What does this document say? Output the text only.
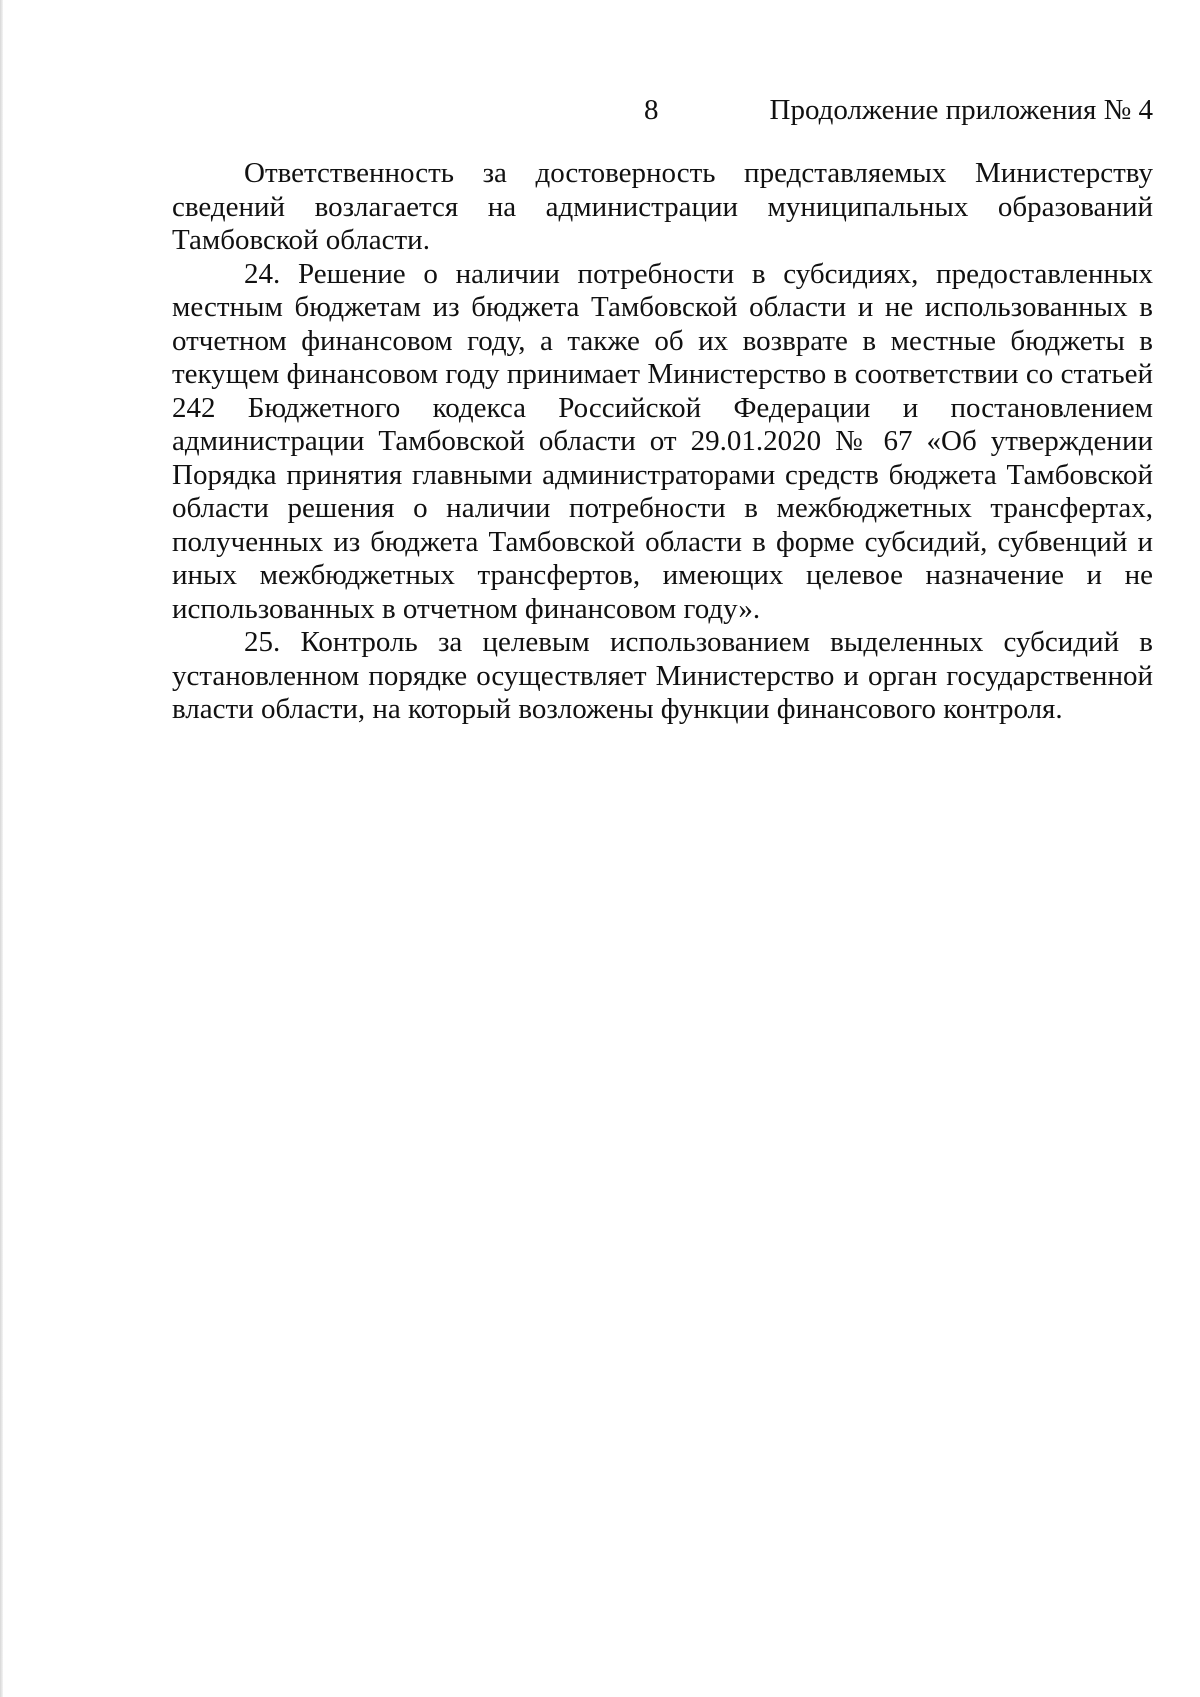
8	Продолжение приложения № 4

Ответственность за достоверность представляемых Министерству сведений возлагается на администрации муниципальных образований Тамбовской области.

24. Решение о наличии потребности в субсидиях, предоставленных местным бюджетам из бюджета Тамбовской области и не использованных в отчетном финансовом году, а также об их возврате в местные бюджеты в текущем финансовом году принимает Министерство в соответствии со статьей 242 Бюджетного кодекса Российской Федерации и постановлением администрации Тамбовской области от 29.01.2020 № 67 «Об утверждении Порядка принятия главными администраторами средств бюджета Тамбовской области решения о наличии потребности в межбюджетных трансфертах, полученных из бюджета Тамбовской области в форме субсидий, субвенций и иных межбюджетных трансфертов, имеющих целевое назначение и не использованных в отчетном финансовом году».

25. Контроль за целевым использованием выделенных субсидий в установленном порядке осуществляет Министерство и орган государственной власти области, на который возложены функции финансового контроля.
